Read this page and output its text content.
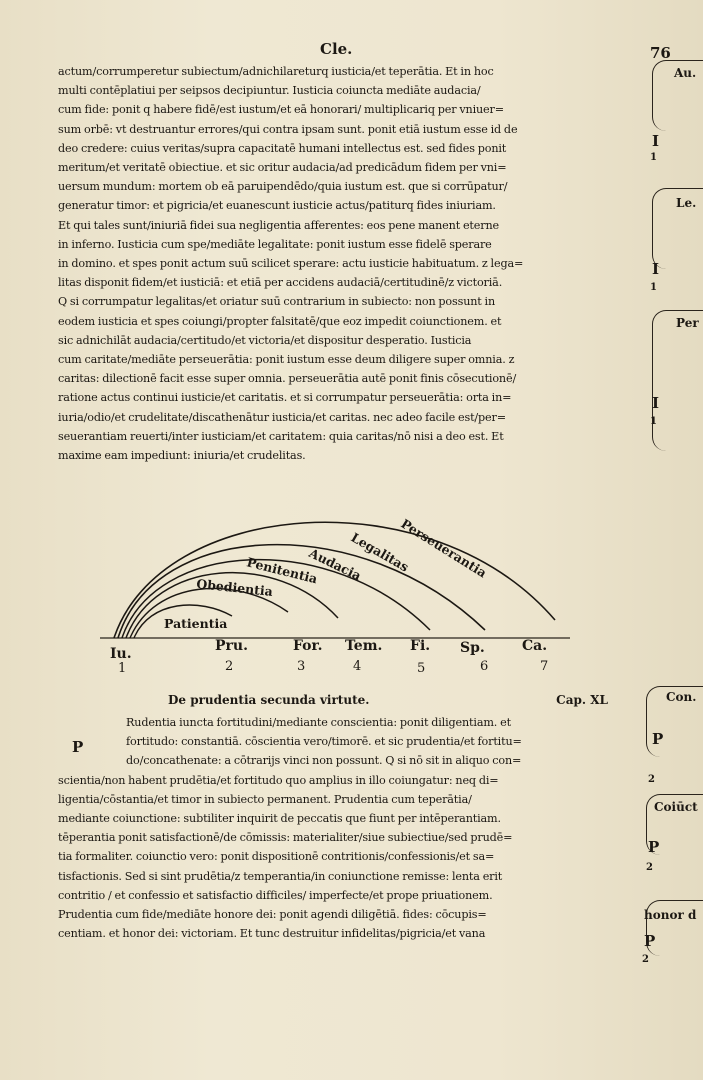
Cle.	76
actum/corrumperetur subiectum/adnichilareturq iusticia/et teperātia. Et in hoc
multi contēplatiui per seipsos decipiuntur. Iusticia coiuncta mediāte audacia/
cum fide: ponit q habere fidē/est iustum/et eā honorari/ multiplicariq per vniuer=
sum orbē: vt destruantur errores/qui contra ipsam sunt. ponit etiā iustum esse id de
deo credere: cuius veritas/supra capacitatē humani intellectus est. sed fides ponit
meritum/et veritatē obiectiue. et sic oritur audacia/ad predicādum fidem per vni=
uersum mundum: mortem ob eā paruipendēdo/quia iustum est. que si corrūpatur/
generatur timor: et pigricia/et euanescunt iusticie actus/patiturq fides iniuriam.
Et qui tales sunt/iniuriā fidei sua negligentia afferentes: eos pene manent eterne
in inferno. Iusticia cum spe/mediāte legalitate: ponit iustum esse fidelē sperare
in domino. et spes ponit actum suū scilicet sperare: actu iusticie habituatum. z lega=
litas disponit fidem/et iusticiā: et etiā per accidens audaciā/certitudinē/z victoriā.
Q si corrumpatur legalitas/et oriatur suū contrarium in subiecto: non possunt in
eodem iusticia et spes coiungi/propter falsitatē/que eoz impedit coiunctionem. et
sic adnichilāt audacia/certitudo/et victoria/et dispositur desperatio. Iusticia
cum caritate/mediāte perseuerātia: ponit iustum esse deum diligere super omnia. z
caritas: dilectionē facit esse super omnia. perseuerātia autē ponit finis cōsecutionē/
ratione actus continui iusticie/et caritatis. et si corrumpatur perseuerātia: orta in=
iuria/odio/et crudelitate/discathenātur iusticia/et caritas. nec adeo facile est/per=
seuerantiam reuerti/inter iusticiam/et caritatem: quia caritas/nō nisi a deo est. Et
maxime eam impediunt: iniuria/et crudelitas.
Perseuerantia
Legalitas
Audacia
Penitentia
Obedientia
Patientia
Iu.	Pru.	For. Tem. Fi. Sp.	Ca.
1	2	3	4	5	6	7
De prudentia secunda virtute.	Cap. XL
P
Rudentia iuncta fortitudini/mediante conscientia: ponit diligentiam. et
fortitudo: constantiā. cōscientia vero/timorē. et sic prudentia/et fortitu=
do/concathenate: a cōtrarijs vinci non possunt. Q si nō sit in aliquo con=
scientia/non habent prudētia/et fortitudo quo amplius in illo coiungatur: neq di=
ligentia/cōstantia/et timor in subiecto permanent. Prudentia cum teperātia/
mediante coiunctione: subtiliter inquirit de peccatis que fiunt per intēperantiam.
tēperantia ponit satisfactionē/de cōmissis: materialiter/siue subiectiue/sed prudē=
tia formaliter. coiunctio vero: ponit dispositionē contritionis/confessionis/et sa=
tisfactionis. Sed si sint prudētia/z temperantia/in coniunctione remisse: lenta erit
contritio / et confessio et satisfactio difficiles/ imperfecte/et prope priuationem.
Prudentia cum fide/mediāte honore dei: ponit agendi diligētiā. fides: cōcupis=
centiam. et honor dei: victoriam. Et tunc destruitur infidelitas/pigricia/et vana
Au.
I
1
Le.
I
1
Per
I
1
Con.
P
2
Coiūct
P
2
honor d
P
2
